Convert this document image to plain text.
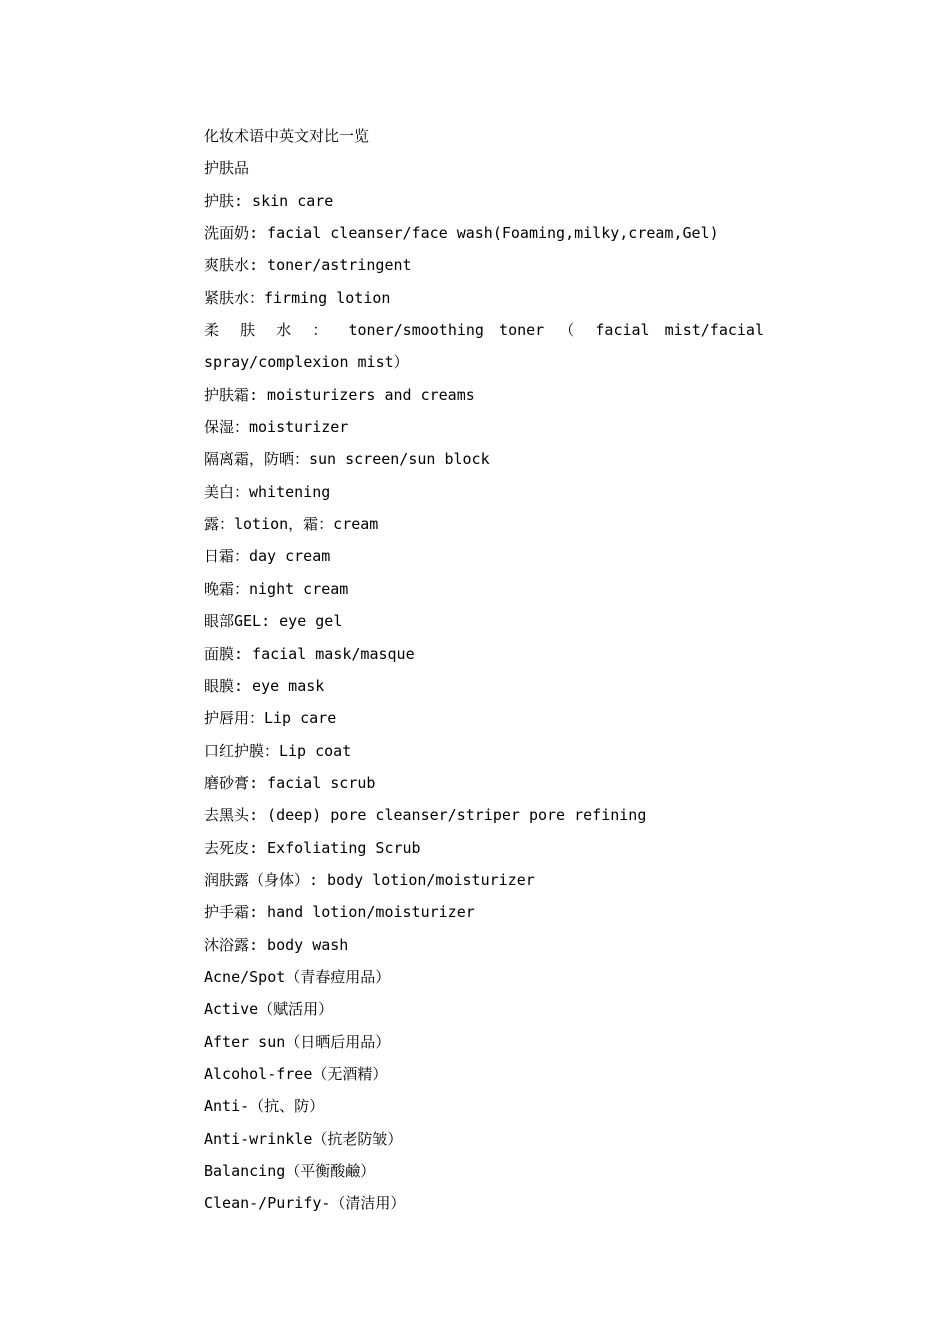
化妆术语中英文对比一览
护肤品
护肤: skin care
洗面奶: facial cleanser/face wash(Foaming,milky,cream,Gel)
爽肤水: toner/astringent
紧肤水：firming lotion
柔 肤 水 ： toner/smoothing toner （ facial mist/facial
spray/complexion mist）
护肤霜: moisturizers and creams
保湿：moisturizer
隔离霜，防晒：sun screen/sun block
美白：whitening
露：lotion，霜：cream
日霜：day cream
晚霜：night cream
眼部GEL: eye gel
面膜: facial mask/masque
眼膜: eye mask
护唇用：Lip care
口红护膜：Lip coat
磨砂膏: facial scrub
去黑头: (deep) pore cleanser/striper pore refining
去死皮: Exfoliating Scrub
润肤露（身体）: body lotion/moisturizer
护手霜: hand lotion/moisturizer
沐浴露: body wash
Acne/Spot（青春痘用品）
Active（赋活用）
After sun（日晒后用品）
Alcohol-free（无酒精）
Anti-（抗、防）
Anti-wrinkle（抗老防皱）
Balancing（平衡酸鹼）
Clean-/Purify-（清洁用）
